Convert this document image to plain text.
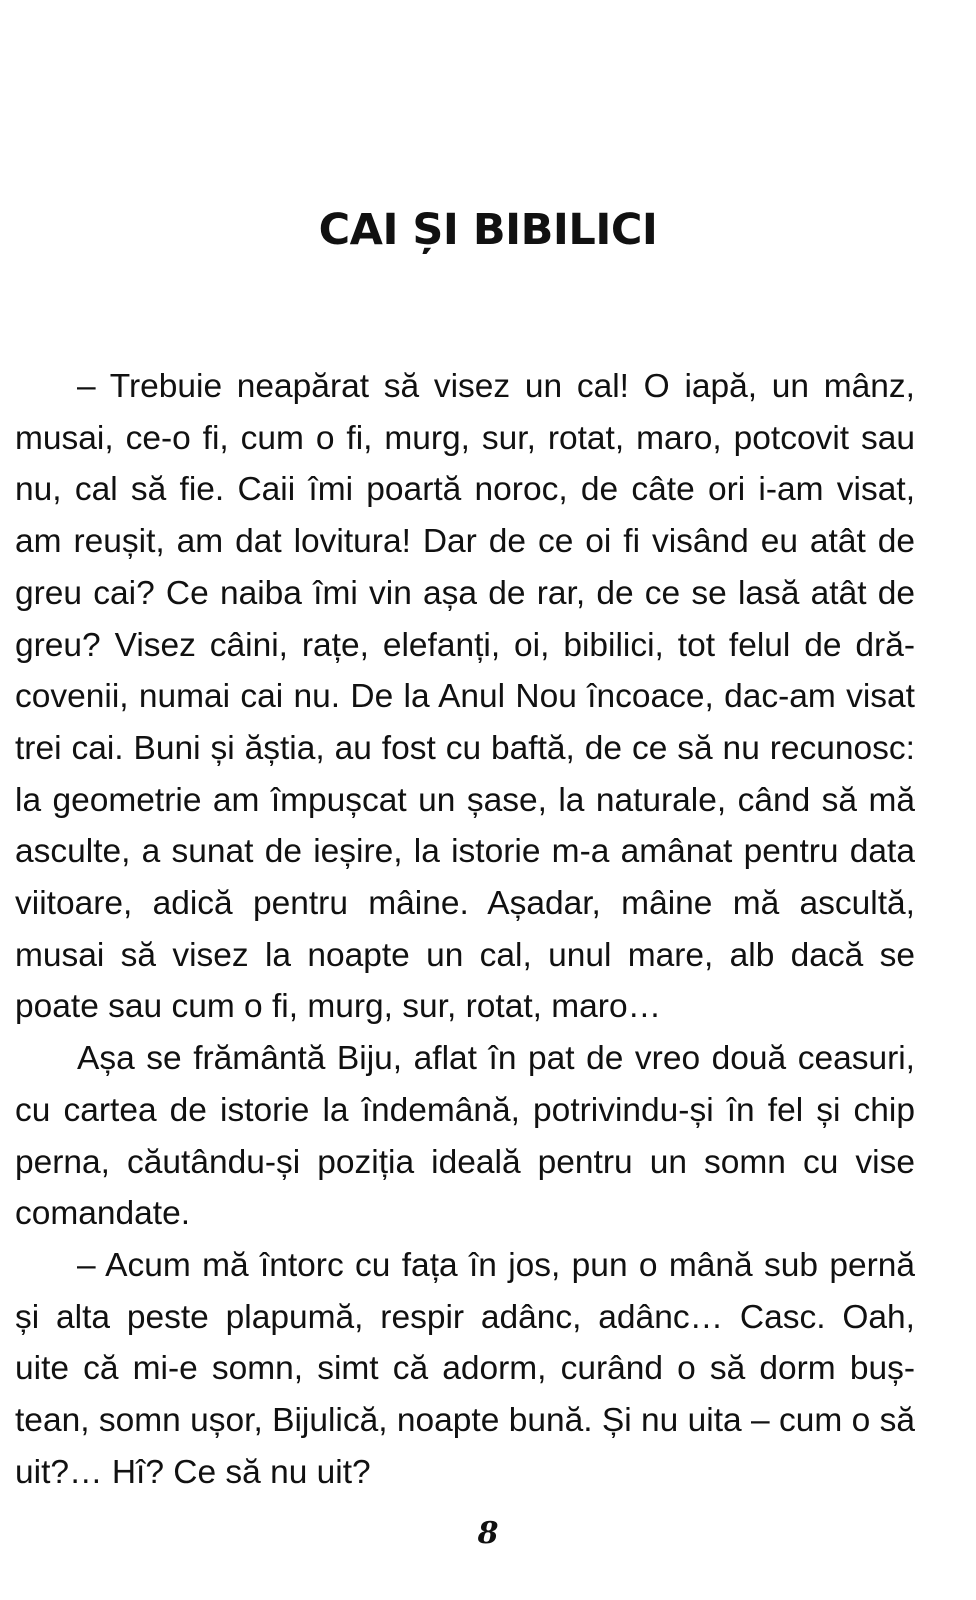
CAI ȘI BIBILICI

– Trebuie neapărat să visez un cal! O iapă, un mânz, musai, ce-o fi, cum o fi, murg, sur, rotat, maro, potcovit sau nu, cal să fie. Caii îmi poartă noroc, de câte ori i-am visat, am reușit, am dat lovitura! Dar de ce oi fi visând eu atât de greu cai? Ce naiba îmi vin așa de rar, de ce se lasă atât de greu? Visez câini, rațe, elefanți, oi, bibilici, tot felul de drăcovenii, numai cai nu. De la Anul Nou încoace, dac-am visat trei cai. Buni și ăștia, au fost cu baftă, de ce să nu recunosc: la geometrie am împușcat un șase, la naturale, când să mă asculte, a sunat de ieșire, la istorie m-a amânat pentru data viitoare, adică pentru mâine. Așadar, mâine mă ascultă, musai să visez la noapte un cal, unul mare, alb dacă se poate sau cum o fi, murg, sur, rotat, maro…

Așa se frământă Biju, aflat în pat de vreo două ceasuri, cu cartea de istorie la îndemână, potrivindu-și în fel și chip perna, căutându-și poziția ideală pentru un somn cu vise comandate.

– Acum mă întorc cu fața în jos, pun o mână sub pernă și alta peste plapumă, respir adânc, adânc… Casc. Oah, uite că mi-e somn, simt că adorm, curând o să dorm buștean, somn ușor, Bijulică, noapte bună. Și nu uita – cum o să uit?… Hî? Ce să nu uit?

8
